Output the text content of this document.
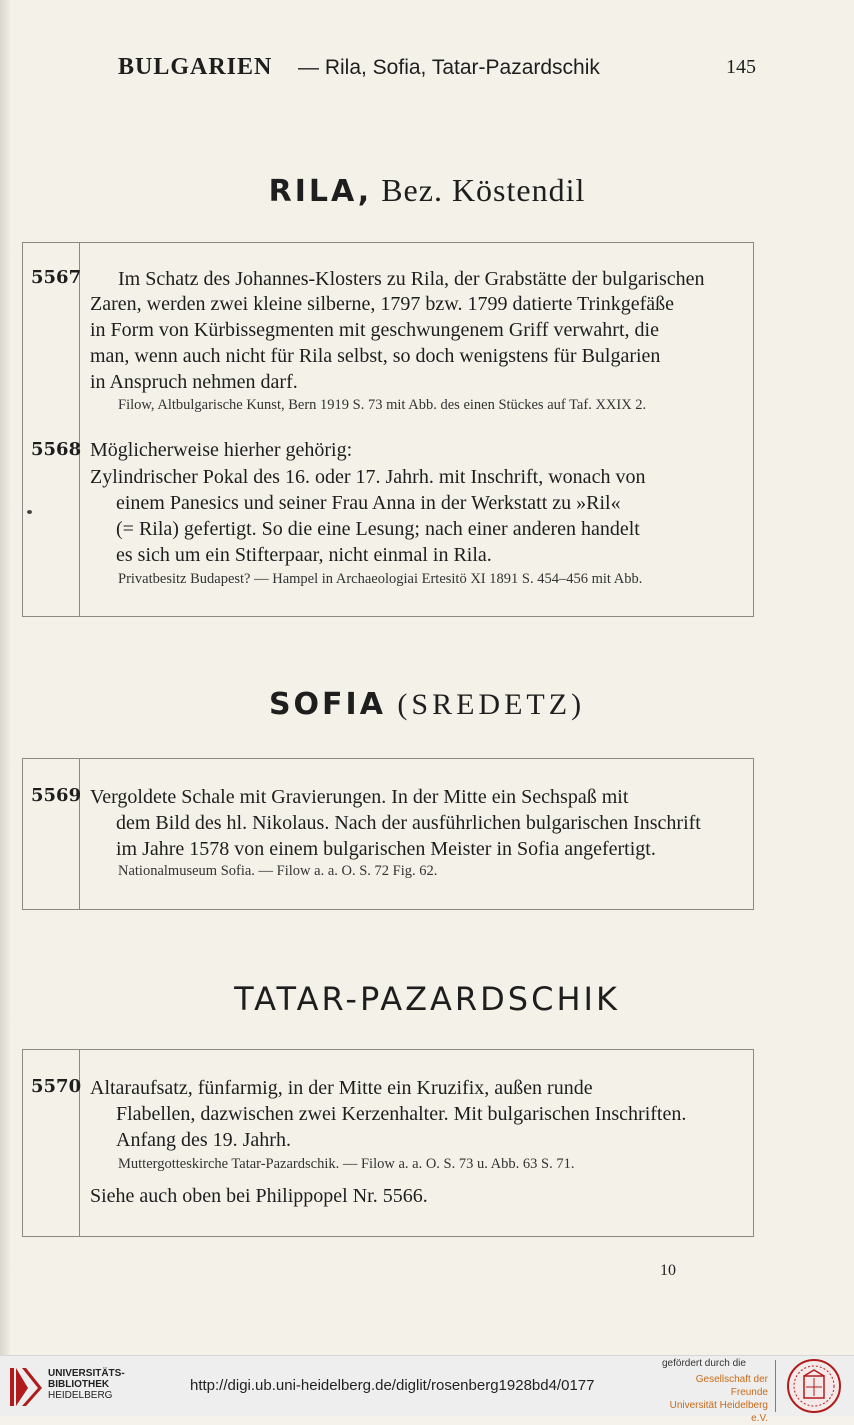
BULGARIEN — Rila, Sofia, Tatar-Pazardschik	145
RILA, Bez. Köstendil
5567 Im Schatz des Johannes-Klosters zu Rila, der Grabstätte der bulgarischen
Zaren, werden zwei kleine silberne, 1797 bzw. 1799 datierte Trinkgefäße
in Form von Kürbissegmenten mit geschwungenem Griff verwahrt, die
man, wenn auch nicht für Rila selbst, so doch wenigstens für Bulgarien
in Anspruch nehmen darf.
Filow, Altbulgarische Kunst, Bern 1919 S. 73 mit Abb. des einen Stückes auf Taf. XXIX 2.
5568 Möglicherweise hierher gehörig:
Zylindrischer Pokal des 16. oder 17. Jahrh. mit Inschrift, wonach von
einem Panesics und seiner Frau Anna in der Werkstatt zu »Ril«
(= Rila) gefertigt. So die eine Lesung; nach einer anderen handelt
es sich um ein Stifterpaar, nicht einmal in Rila.
Privatbesitz Budapest? — Hampel in Archaeologiai Ertesitö XI 1891 S. 454–456 mit Abb.
SOFIA (SREDETZ)
5569 Vergoldete Schale mit Gravierungen. In der Mitte ein Sechspaß mit
dem Bild des hl. Nikolaus. Nach der ausführlichen bulgarischen Inschrift
im Jahre 1578 von einem bulgarischen Meister in Sofia angefertigt.
Nationalmuseum Sofia. — Filow a. a. O. S. 72 Fig. 62.
TATAR-PAZARDSCHIK
5570 Altaraufsatz, fünfarmig, in der Mitte ein Kruzifix, außen runde
Flabellen, dazwischen zwei Kerzenhalter. Mit bulgarischen Inschriften.
Anfang des 19. Jahrh.
Muttergotteskirche Tatar-Pazardschik. — Filow a. a. O. S. 73 u. Abb. 63 S. 71.
Siehe auch oben bei Philippopel Nr. 5566.
10
UNIVERSITÄTS-
BIBLIOTHEK
HEIDELBERG
http://digi.ub.uni-heidelberg.de/diglit/rosenberg1928bd4/0177
gefördert durch die
Gesellschaft der Freunde
Universität Heidelberg e.V.
